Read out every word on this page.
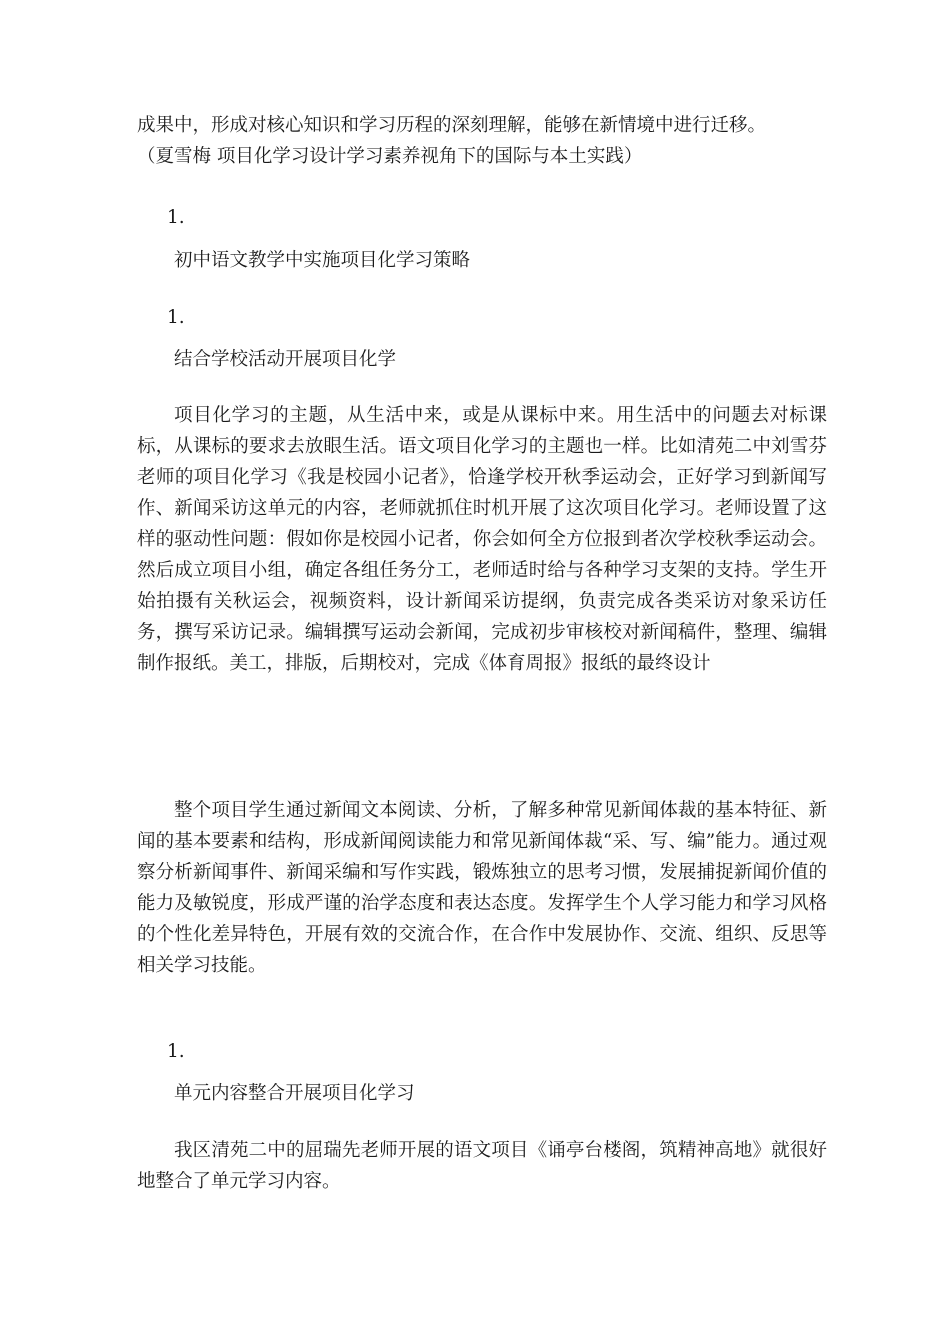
成果中，形成对核心知识和学习历程的深刻理解，能够在新情境中进行迁移。
（夏雪梅 项目化学习设计学习素养视角下的国际与本土实践）

1.

初中语文教学中实施项目化学习策略

1.

结合学校活动开展项目化学

项目化学习的主题，从生活中来，或是从课标中来。用生活中的问题去对标课标，从课标的要求去放眼生活。语文项目化学习的主题也一样。比如清苑二中刘雪芬老师的项目化学习《我是校园小记者》，恰逢学校开秋季运动会，正好学习到新闻写作、新闻采访这单元的内容，老师就抓住时机开展了这次项目化学习。老师设置了这样的驱动性问题：假如你是校园小记者，你会如何全方位报到者次学校秋季运动会。然后成立项目小组，确定各组任务分工，老师适时给与各种学习支架的支持。学生开始拍摄有关秋运会，视频资料，设计新闻采访提纲，负责完成各类采访对象采访任务，撰写采访记录。编辑撰写运动会新闻，完成初步审核校对新闻稿件，整理、编辑制作报纸。美工，排版，后期校对，完成《体育周报》报纸的最终设计

整个项目学生通过新闻文本阅读、分析，了解多种常见新闻体裁的基本特征、新闻的基本要素和结构，形成新闻阅读能力和常见新闻体裁“采、写、编”能力。通过观察分析新闻事件、新闻采编和写作实践，锻炼独立的思考习惯，发展捕捉新闻价值的能力及敏锐度，形成严谨的治学态度和表达态度。发挥学生个人学习能力和学习风格的个性化差异特色，开展有效的交流合作，在合作中发展协作、交流、组织、反思等相关学习技能。

1.

单元内容整合开展项目化学习

我区清苑二中的屈瑞先老师开展的语文项目《诵亭台楼阁，筑精神高地》就很好地整合了单元学习内容。
